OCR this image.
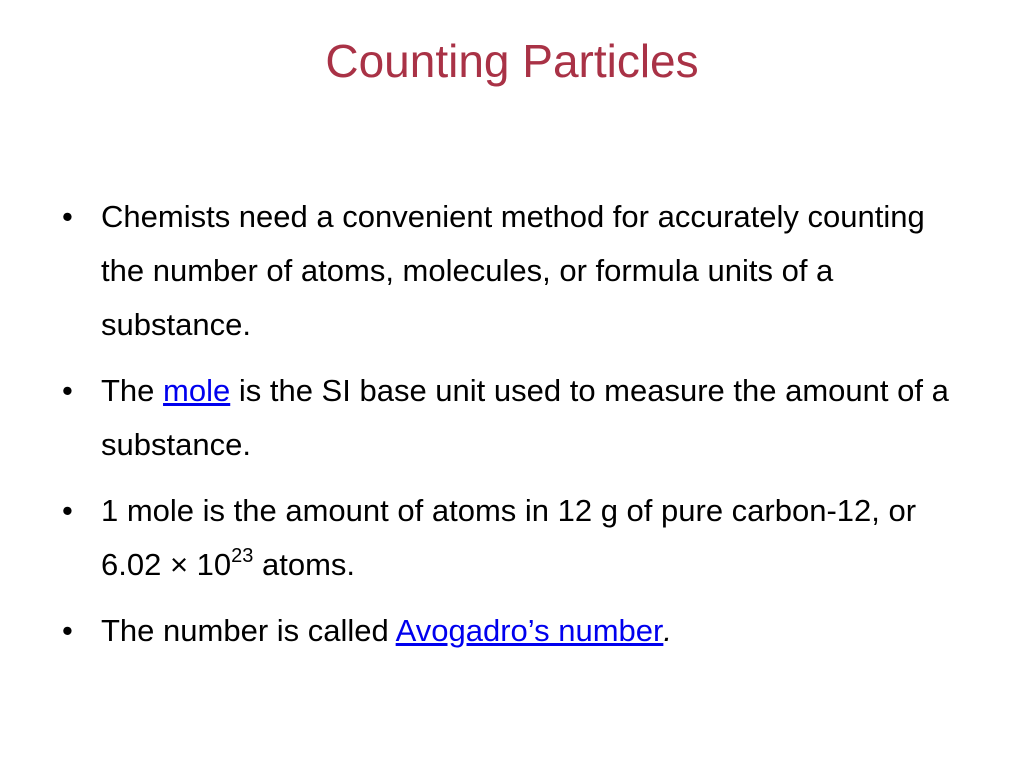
Counting Particles
• Chemists need a convenient method for accurately counting the number of atoms, molecules, or formula units of a substance.
• The mole is the SI base unit used to measure the amount of a substance.
• 1 mole is the amount of atoms in 12 g of pure carbon-12, or $6.02 \times 10^{23}$ atoms.
• The number is called Avogadro’s number.
